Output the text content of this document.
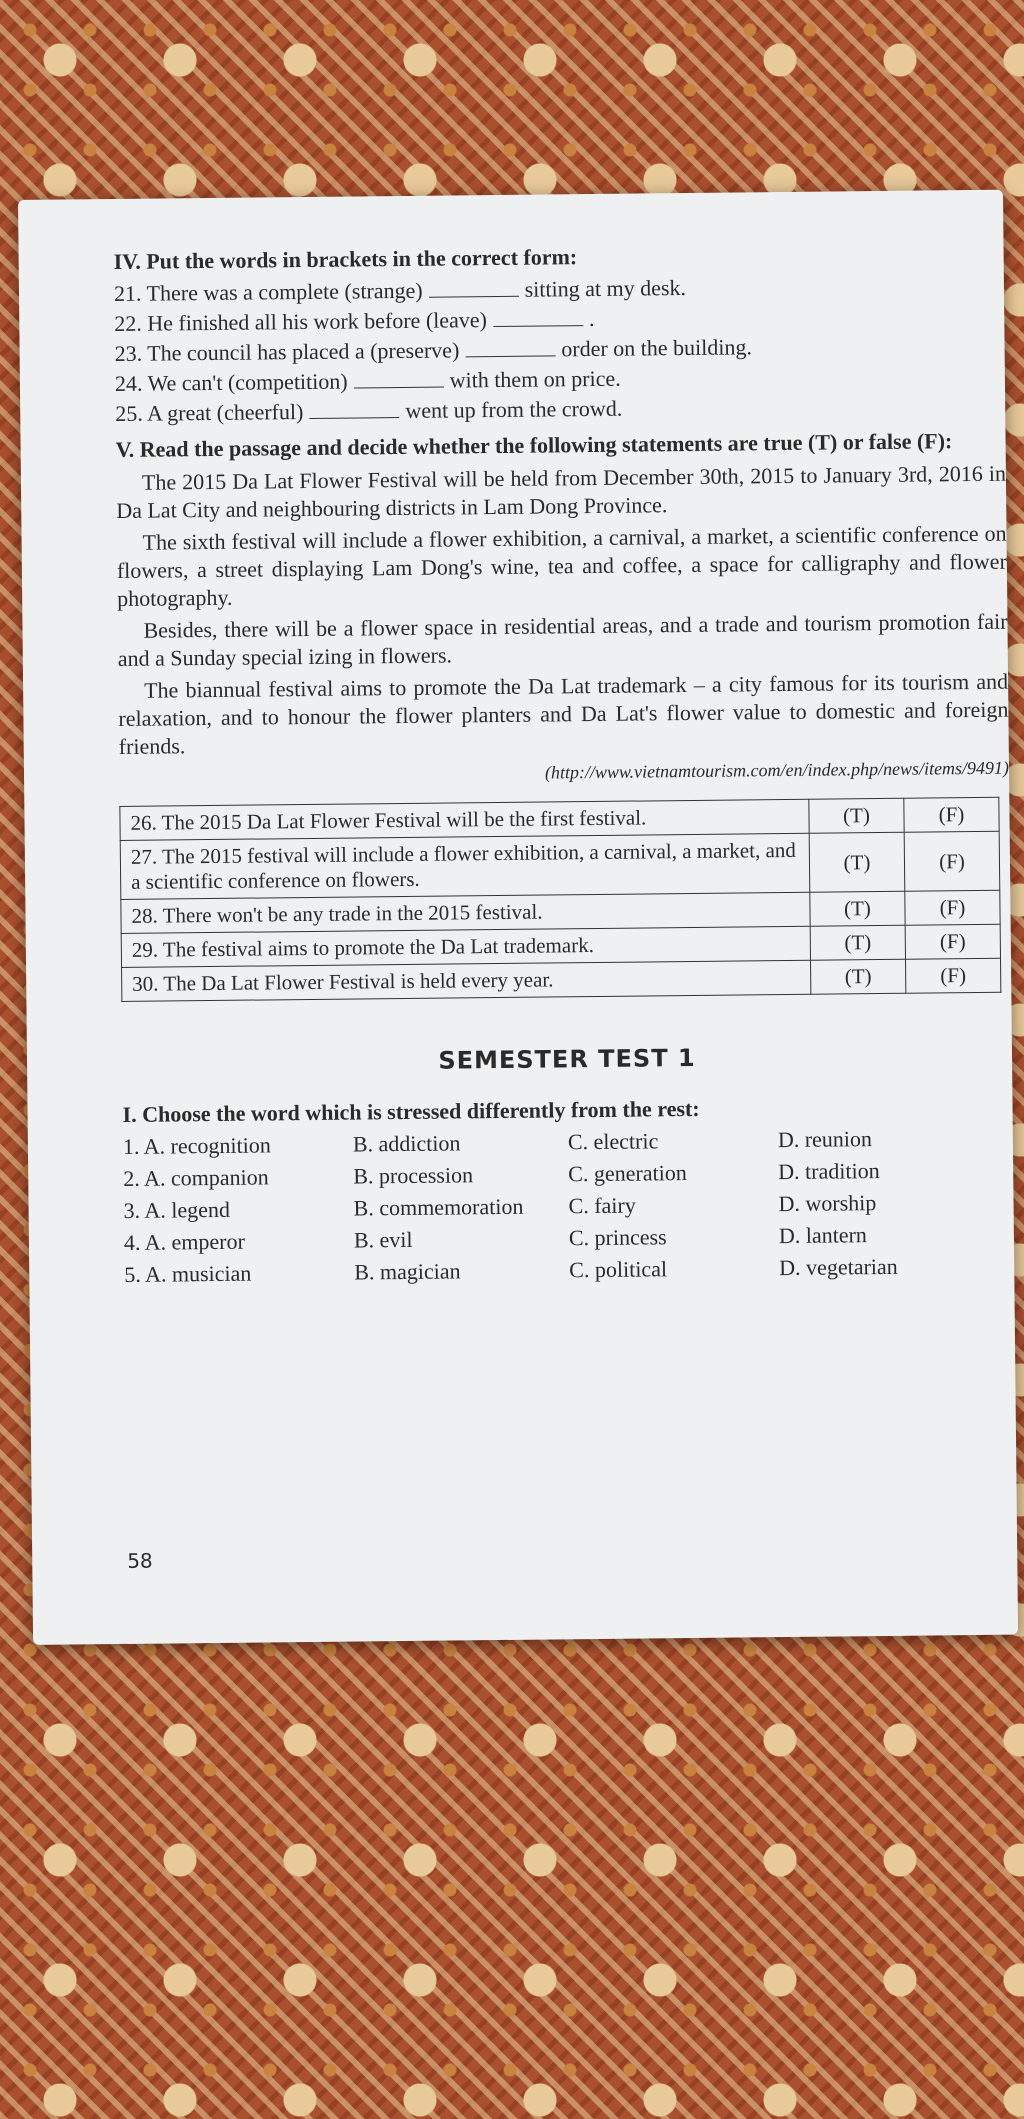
IV. Put the words in brackets in the correct form:

21. There was a complete (strange)	sitting at my desk.
22. He finished all his work before (leave)	.
23. The council has placed a (preserve)	order on the building.
24. We can't (competition)	with them on price.
25. A great (cheerful)	went up from the crowd.

V. Read the passage and decide whether the following statements are true (T) or false (F):

The 2015 Da Lat Flower Festival will be held from December 30th, 2015 to January 3rd, 2016 in Da Lat City and neighbouring districts in Lam Dong Province.

The sixth festival will include a flower exhibition, a carnival, a market, a scientific conference on flowers, a street displaying Lam Dong's wine, tea and coffee, a space for calligraphy and flower photography.

Besides, there will be a flower space in residential areas, and a trade and tourism promotion fair and a Sunday special izing in flowers.

The biannual festival aims to promote the Da Lat trademark – a city famous for its tourism and relaxation, and to honour the flower planters and Da Lat's flower value to domestic and foreign friends.

(http://www.vietnamtourism.com/en/index.php/news/items/9491)

26. The 2015 Da Lat Flower Festival will be the first festival.	(T)	(F)
27. The 2015 festival will include a flower exhibition, a carnival, a market, and a scientific conference on flowers.	(T)	(F)
28. There won't be any trade in the 2015 festival.	(T)	(F)
29. The festival aims to promote the Da Lat trademark.	(T)	(F)
30. The Da Lat Flower Festival is held every year.	(T)	(F)
SEMESTER TEST 1

I. Choose the word which is stressed differently from the rest:

1. A. recognition	B. addiction	C. electric	D. reunion
2. A. companion	B. procession	C. generation	D. tradition
3. A. legend	B. commemoration	C. fairy	D. worship
4. A. emperor	B. evil	C. princess	D. lantern
5. A. musician	B. magician	C. political	D. vegetarian
58
